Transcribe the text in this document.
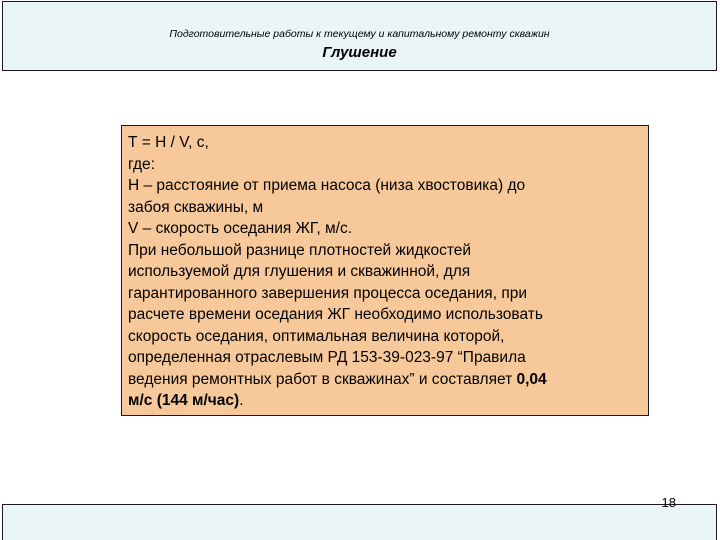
Подготовительные работы к текущему и капитальному ремонту скважин
Глушение
Т = Н / V, с,
где:
Н – расстояние от приема насоса (низа хвостовика) до
забоя скважины, м
V – скорость оседания ЖГ, м/с.
При небольшой разнице плотностей жидкостей
используемой для глушения и скважинной, для
гарантированного завершения процесса оседания, при
расчете времени оседания ЖГ необходимо использовать
скорость оседания, оптимальная величина которой,
определенная отраслевым РД 153-39-023-97 “Правила
ведения ремонтных работ в скважинах” и составляет 0,04
м/с (144 м/час).
18
